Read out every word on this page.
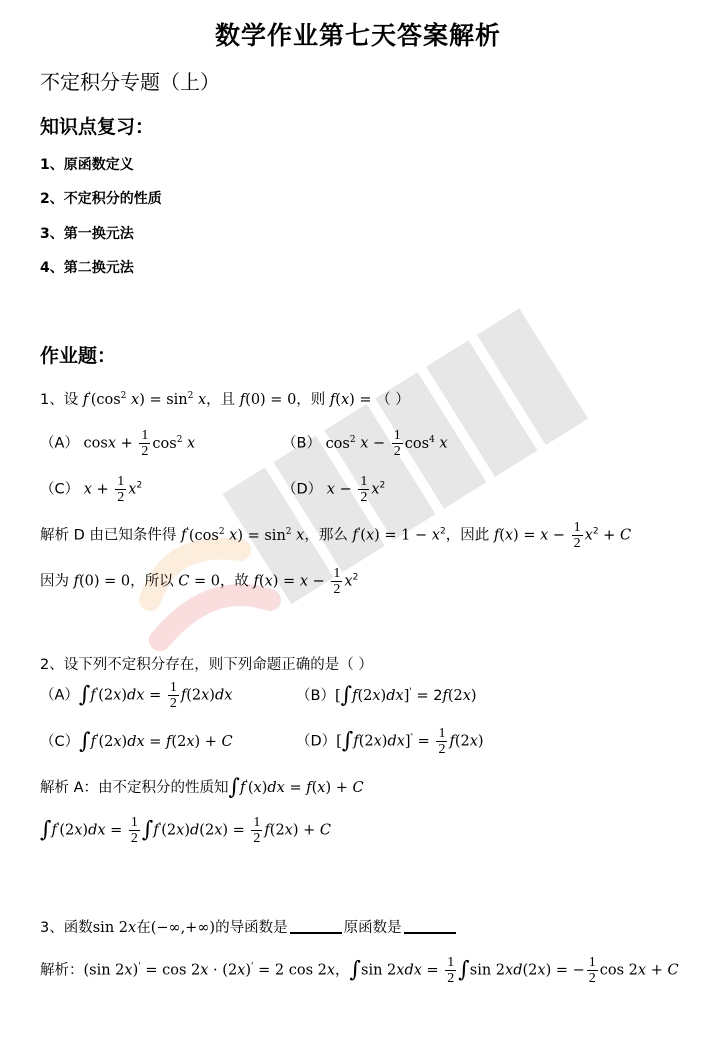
数学作业第七天答案解析
不定积分专题（上）
知识点复习：
1、原函数定义
2、不定积分的性质
3、第一换元法
4、第二换元法
作业题：
1、设 $f'(\cos^2$ $x) = \sin^2 x$，且 f(0) = 0，则 f(x) = （ ）
（A） $\cos x + \frac{1}{2} \cos^2 x$	（B） $\cos^2 x - \frac{1}{2} \cos^4 x$
（C） $x + \frac{1}{2} x^2$	（D） $x - \frac{1}{2} x^2$
解析 D 由已知条件得 $f'(\cos^2$ $x) = \sin^2 x$，那么 $f'(x) = 1 - x^2$，因此 $f(x) = x - \frac{1}{2} x^2 + C$
因为 f(0) = 0，所以 C = 0，故 $f(x) = x - \frac{1}{2} x^2$
2、设下列不定积分存在，则下列命题正确的是（ ）
$(A)\int f'(2x)dx = \frac{1}{2} f(2x)dx$	（B）[∫f(2x)dx]' = 2f(2x)
（C）∫f'(2x)dx = f(2x) + C	$(D)[\int f(2x)dx]' = \frac{1}{2} f(2x)$
解析 A：由不定积分的性质知∫f'(x)dx = f(x) + C
$\int f'(2x)dx = \frac{1}{2} \int f'(2x)d(2x) = \frac{1}{2} f(2x) + C$
3、函数sin 2x在(−∞,+∞)的导函数是	原函数是
解析：(sin 2x)' = cos 2x · (2x)' = 2 cos 2x，∫sin $2xdx = \frac{1}{2} \int\sin$ 2xd(2x) = − $\frac{1}{2}$ cos 2x + C
